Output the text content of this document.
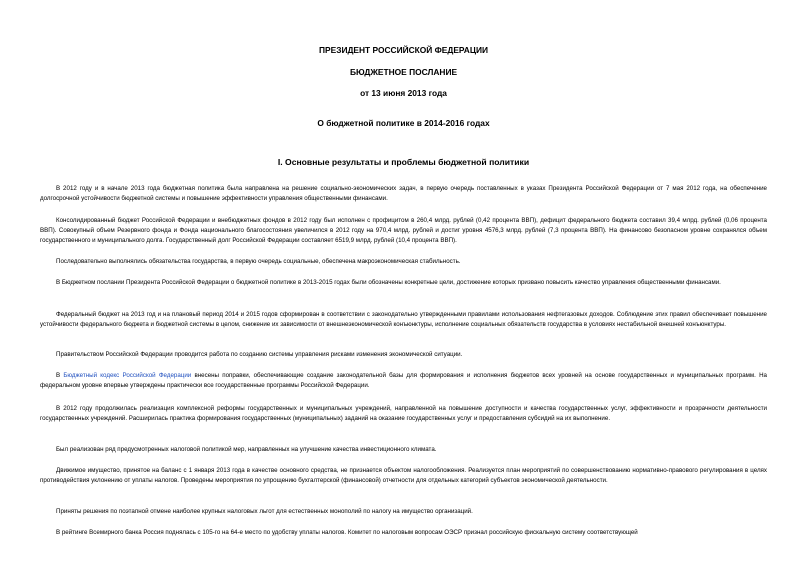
ПРЕЗИДЕНТ РОССИЙСКОЙ ФЕДЕРАЦИИ
БЮДЖЕТНОЕ ПОСЛАНИЕ
от 13 июня 2013 года
О бюджетной политике в 2014-2016 годах
I. Основные результаты и проблемы бюджетной политики
В 2012 году и в начале 2013 года бюджетная политика была направлена на решение социально-экономических задач, в первую очередь поставленных в указах Президента Российской Федерации от 7 мая 2012 года, на обеспечение долгосрочной устойчивости бюджетной системы и повышение эффективности управления общественными финансами.
Консолидированный бюджет Российской Федерации и внебюджетных фондов в 2012 году был исполнен с профицитом в 260,4 млрд. рублей (0,42 процента ВВП), дефицит федерального бюджета составил 39,4 млрд. рублей (0,06 процента ВВП). Совокупный объем Резервного фонда и Фонда национального благосостояния увеличился в 2012 году на 970,4 млрд. рублей и достиг уровня 4576,3 млрд. рублей (7,3 процента ВВП). На финансово безопасном уровне сохранялся объем государственного и муниципального долга. Государственный долг Российской Федерации составляет 6519,9 млрд. рублей (10,4 процента ВВП).
Последовательно выполнялись обязательства государства, в первую очередь социальные, обеспечена макроэкономическая стабильность.
В Бюджетном послании Президента Российской Федерации о бюджетной политике в 2013-2015 годах были обозначены конкретные цели, достижение которых призвано повысить качество управления общественными финансами.
Федеральный бюджет на 2013 год и на плановый период 2014 и 2015 годов сформирован в соответствии с законодательно утвержденными правилами использования нефтегазовых доходов. Соблюдение этих правил обеспечивает повышение устойчивости федерального бюджета и бюджетной системы в целом, снижение их зависимости от внешнеэкономической конъюнктуры, исполнение социальных обязательств государства в условиях нестабильной внешней конъюнктуры.
Правительством Российской Федерации проводится работа по созданию системы управления рисками изменения экономической ситуации.
В Бюджетный кодекс Российской Федерации внесены поправки, обеспечивающие создание законодательной базы для формирования и исполнения бюджетов всех уровней на основе государственных и муниципальных программ. На федеральном уровне впервые утверждены практически все государственные программы Российской Федерации.
В 2012 году продолжилась реализация комплексной реформы государственных и муниципальных учреждений, направленной на повышение доступности и качества государственных услуг, эффективности и прозрачности деятельности государственных учреждений. Расширилась практика формирования государственных (муниципальных) заданий на оказание государственных услуг и предоставления субсидий на их выполнение.
Был реализован ряд предусмотренных налоговой политикой мер, направленных на улучшение качества инвестиционного климата.
Движимое имущество, принятое на баланс с 1 января 2013 года в качестве основного средства, не признается объектом налогообложения. Реализуется план мероприятий по совершенствованию нормативно-правового регулирования в целях противодействия уклонению от уплаты налогов. Проведены мероприятия по упрощению бухгалтерской (финансовой) отчетности для отдельных категорий субъектов экономической деятельности.
Приняты решения по поэтапной отмене наиболее крупных налоговых льгот для естественных монополий по налогу на имущество организаций.
В рейтинге Всемирного банка Россия поднялась с 105-го на 64-е место по удобству уплаты налогов. Комитет по налоговым вопросам ОЭСР признал российскую фискальную систему соответствующей
